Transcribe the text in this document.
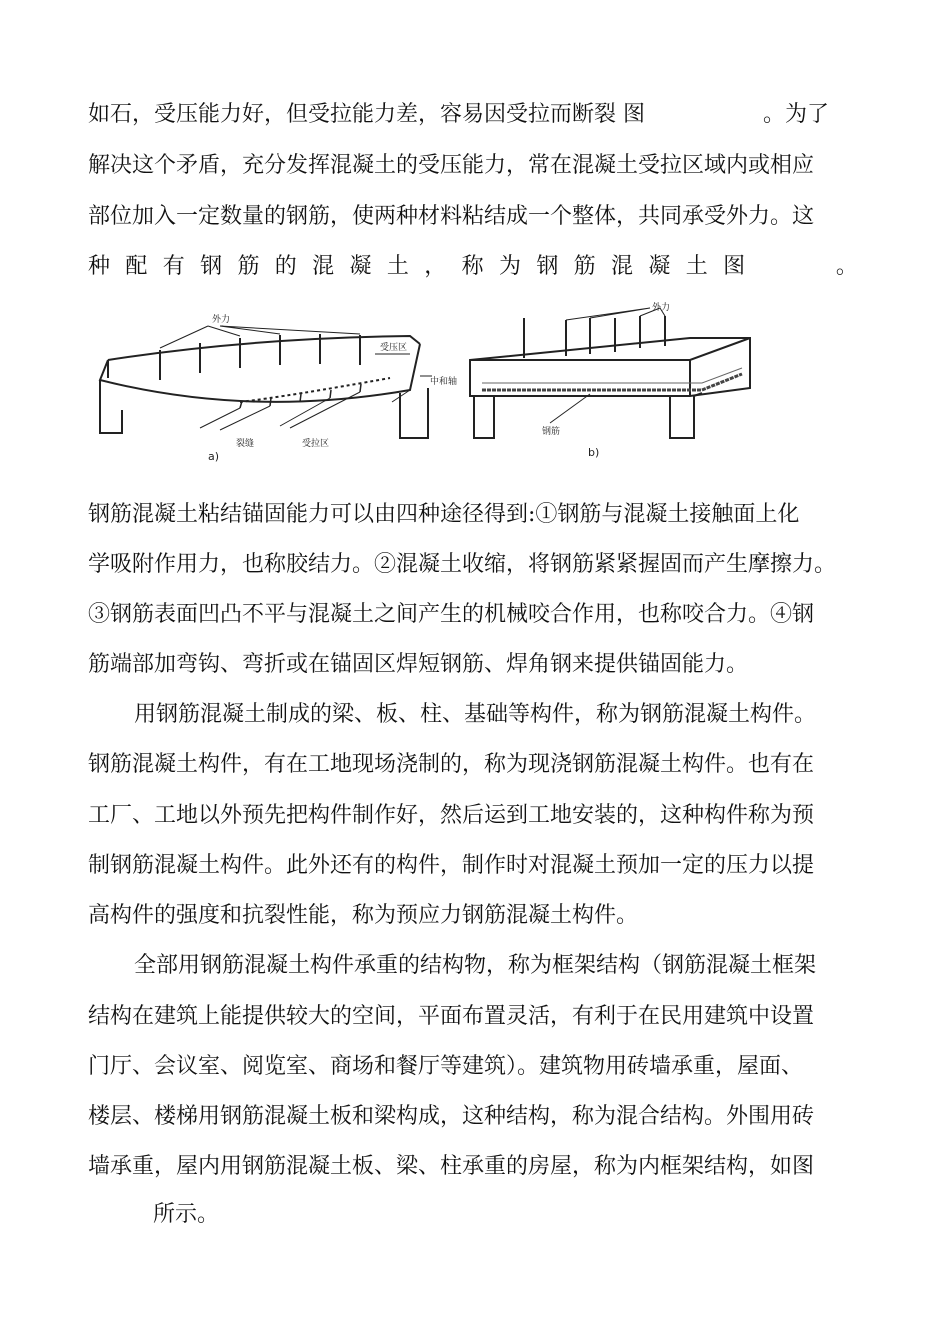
如石，受压能力好，但受拉能力差，容易因受拉而断裂 图	。为了
解决这个矛盾，充分发挥混凝土的受压能力，常在混凝土受拉区域内或相应
部位加入一定数量的钢筋，使两种材料粘结成一个整体，共同承受外力。这
种 配 有 钢 筋 的 混 凝 土 ， 称 为 钢 筋 混 凝 土 图	。
外力
受压区
中和轴
裂缝	受拉区
a)
外力
钢筋
b)
钢筋混凝土粘结锚固能力可以由四种途径得到:①钢筋与混凝土接触面上化
学吸附作用力，也称胶结力。②混凝土收缩，将钢筋紧紧握固而产生摩擦力。
③钢筋表面凹凸不平与混凝土之间产生的机械咬合作用，也称咬合力。④钢
筋端部加弯钩、弯折或在锚固区焊短钢筋、焊角钢来提供锚固能力。
用钢筋混凝土制成的梁、板、柱、基础等构件，称为钢筋混凝土构件。
钢筋混凝土构件，有在工地现场浇制的，称为现浇钢筋混凝土构件。也有在
工厂、工地以外预先把构件制作好，然后运到工地安装的，这种构件称为预
制钢筋混凝土构件。此外还有的构件，制作时对混凝土预加一定的压力以提
高构件的强度和抗裂性能，称为预应力钢筋混凝土构件。
全部用钢筋混凝土构件承重的结构物，称为框架结构（钢筋混凝土框架
结构在建筑上能提供较大的空间，平面布置灵活，有利于在民用建筑中设置
门厅、会议室、阅览室、商场和餐厅等建筑）。建筑物用砖墙承重，屋面、
楼层、楼梯用钢筋混凝土板和梁构成，这种结构，称为混合结构。外围用砖
墙承重，屋内用钢筋混凝土板、梁、柱承重的房屋，称为内框架结构，如图
所示。
